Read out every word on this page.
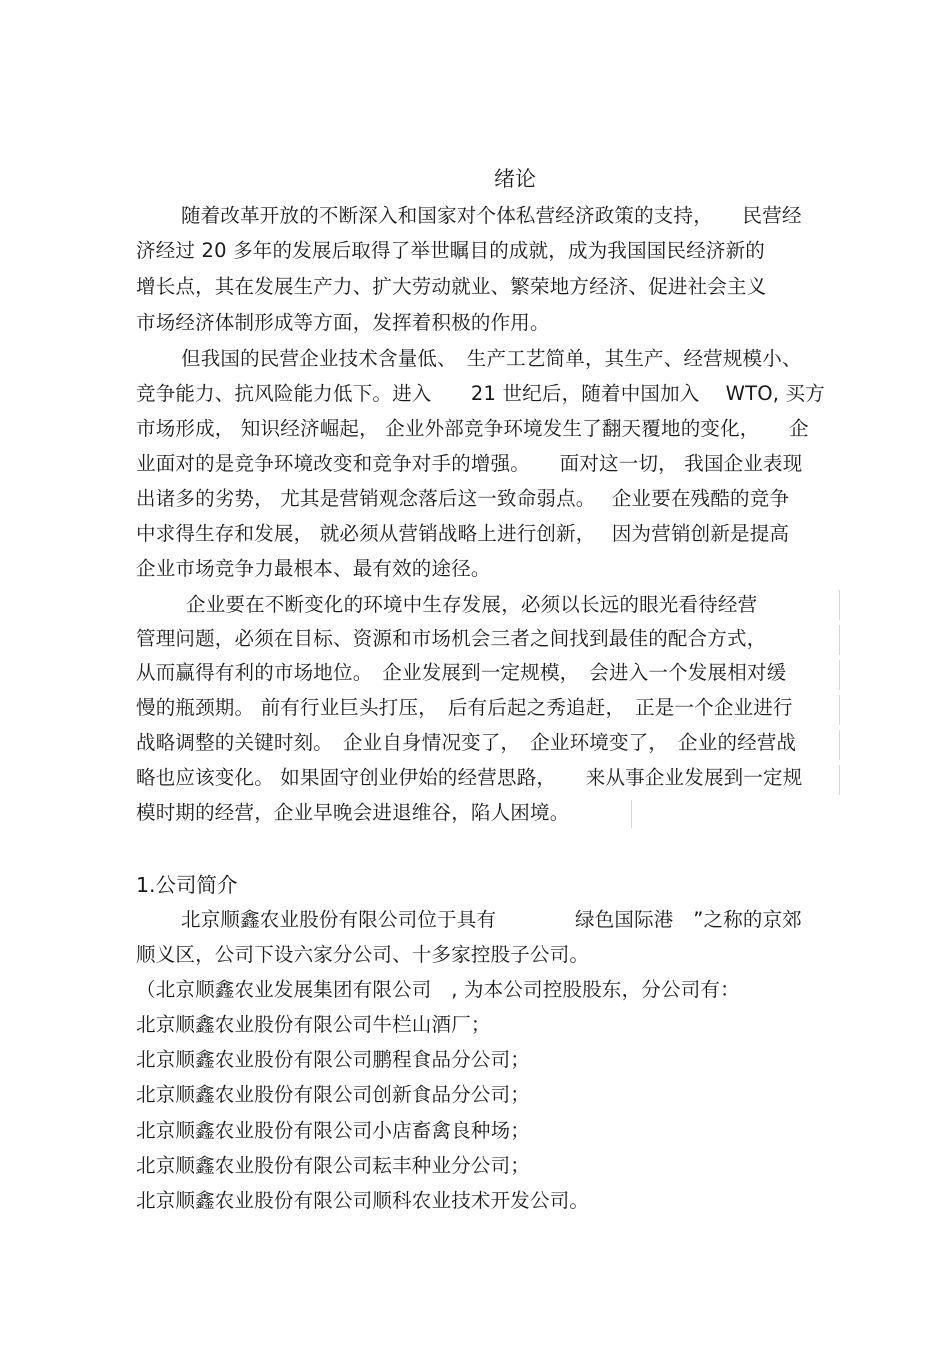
绪论
随着改革开放的不断深入和国家对个体私营经济政策的支持，　　民营经
济经过 20 多年的发展后取得了举世瞩目的成就，成为我国国民经济新的
增长点，其在发展生产力、扩大劳动就业、繁荣地方经济、促进社会主义
市场经济体制形成等方面，发挥着积极的作用。
但我国的民营企业技术含量低、　生产工艺简单，其生产、经营规模小、
竞争能力、抗风险能力低下。进入　　21 世纪后，随着中国加入　 WTO, 买方
市场形成， 知识经济崛起， 企业外部竞争环境发生了翻天覆地的变化，　　企
业面对的是竞争环境改变和竞争对手的增强。　　面对这一切， 我国企业表现
出诸多的劣势， 尤其是营销观念落后这一致命弱点。　 企业要在残酷的竞争
中求得生存和发展， 就必须从营销战略上进行创新，　 因为营销创新是提高
企业市场竞争力最根本、最有效的途径。
企业要在不断变化的环境中生存发展，必须以长远的眼光看待经营
管理问题，必须在目标、资源和市场机会三者之间找到最佳的配合方式，
从而赢得有利的市场地位。　企业发展到一定规模，　会进入一个发展相对缓
慢的瓶颈期。 前有行业巨头打压，　后有后起之秀追赶，　正是一个企业进行
战略调整的关键时刻。　企业自身情况变了，　企业环境变了，　企业的经营战
略也应该变化。 如果固守创业伊始的经营思路，　　来从事企业发展到一定规
模时期的经营，企业早晚会进退维谷，陷人困境。
1.公司简介
北京顺鑫农业股份有限公司位于具有　　　　绿色国际港　”之称的京郊
顺义区，公司下设六家分公司、十多家控股子公司。
（北京顺鑫农业发展集团有限公司　, 为本公司控股股东，分公司有：
北京顺鑫农业股份有限公司牛栏山酒厂；
北京顺鑫农业股份有限公司鹏程食品分公司；
北京顺鑫农业股份有限公司创新食品分公司；
北京顺鑫农业股份有限公司小店畜禽良种场；
北京顺鑫农业股份有限公司耘丰种业分公司；
北京顺鑫农业股份有限公司顺科农业技术开发公司。
